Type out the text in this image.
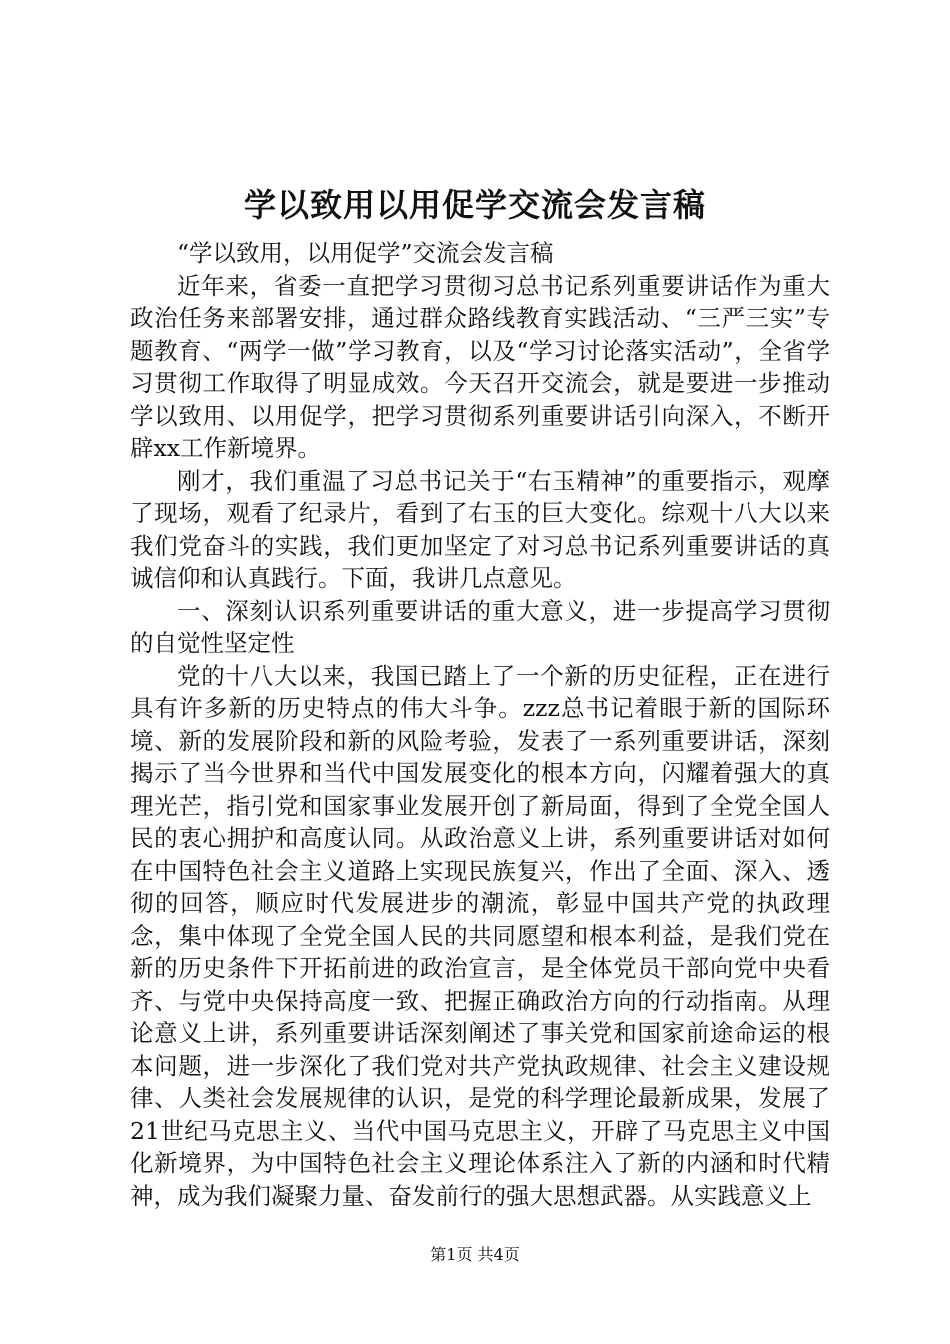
学以致用以用促学交流会发言稿

“学以致用，以用促学”交流会发言稿

近年来，省委一直把学习贯彻习总书记系列重要讲话作为重大政治任务来部署安排，通过群众路线教育实践活动、“三严三实”专题教育、“两学一做”学习教育，以及“学习讨论落实活动”，全省学习贯彻工作取得了明显成效。今天召开交流会，就是要进一步推动学以致用、以用促学，把学习贯彻系列重要讲话引向深入，不断开辟xx工作新境界。

刚才，我们重温了习总书记关于“右玉精神”的重要指示，观摩了现场，观看了纪录片，看到了右玉的巨大变化。综观十八大以来我们党奋斗的实践，我们更加坚定了对习总书记系列重要讲话的真诚信仰和认真践行。下面，我讲几点意见。

一、深刻认识系列重要讲话的重大意义，进一步提高学习贯彻的自觉性坚定性

党的十八大以来，我国已踏上了一个新的历史征程，正在进行具有许多新的历史特点的伟大斗争。zzz总书记着眼于新的国际环境、新的发展阶段和新的风险考验，发表了一系列重要讲话，深刻揭示了当今世界和当代中国发展变化的根本方向，闪耀着强大的真理光芒，指引党和国家事业发展开创了新局面，得到了全党全国人民的衷心拥护和高度认同。从政治意义上讲，系列重要讲话对如何在中国特色社会主义道路上实现民族复兴，作出了全面、深入、透彻的回答，顺应时代发展进步的潮流，彰显中国共产党的执政理念，集中体现了全党全国人民的共同愿望和根本利益，是我们党在新的历史条件下开拓前进的政治宣言，是全体党员干部向党中央看齐、与党中央保持高度一致、把握正确政治方向的行动指南。从理论意义上讲，系列重要讲话深刻阐述了事关党和国家前途命运的根本问题，进一步深化了我们党对共产党执政规律、社会主义建设规律、人类社会发展规律的认识，是党的科学理论最新成果，发展了21世纪马克思主义、当代中国马克思主义，开辟了马克思主义中国化新境界，为中国特色社会主义理论体系注入了新的内涵和时代精神，成为我们凝聚力量、奋发前行的强大思想武器。从实践意义上

第1页 共4页
